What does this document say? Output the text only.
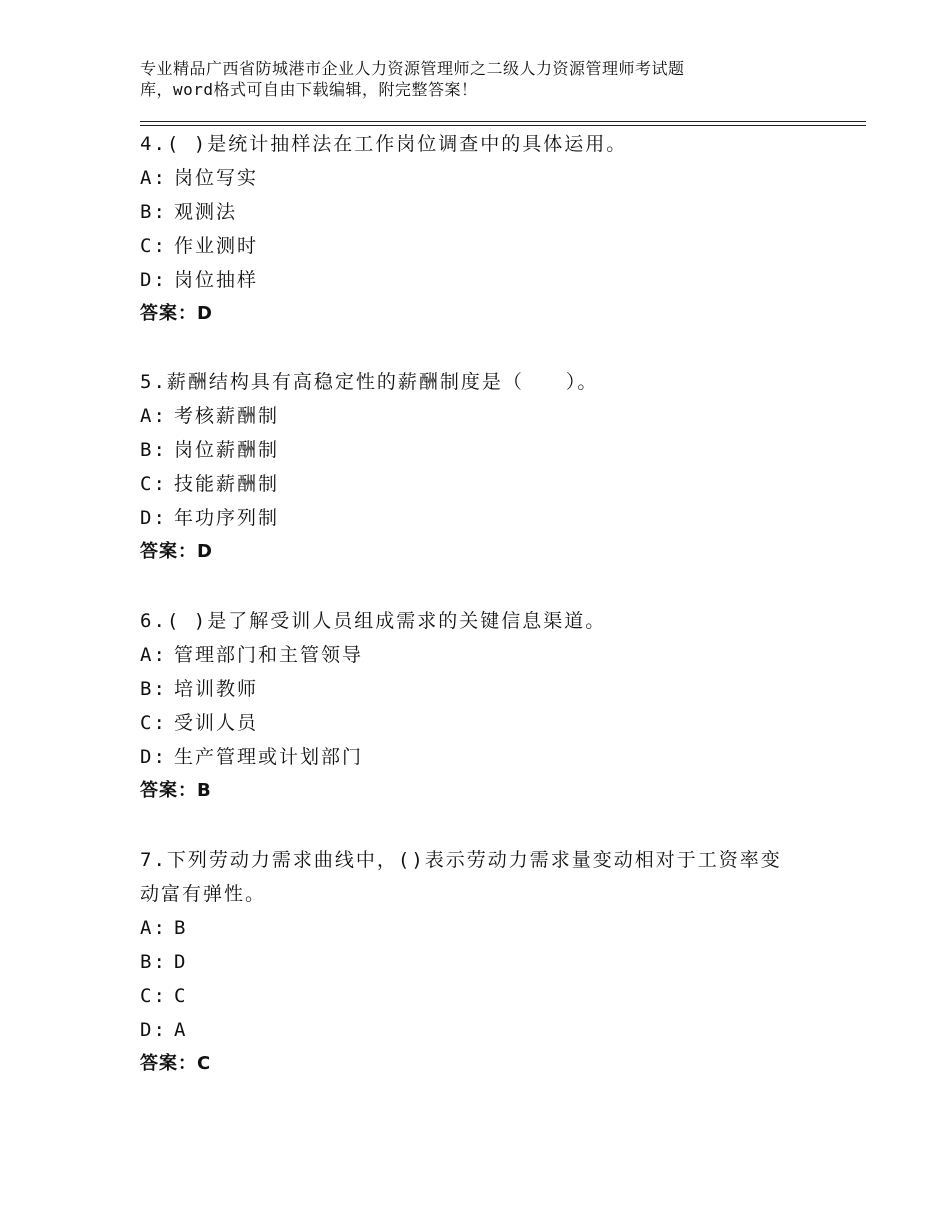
专业精品广西省防城港市企业人力资源管理师之二级人力资源管理师考试题
库，word格式可自由下载编辑，附完整答案！
4.( )是统计抽样法在工作岗位调查中的具体运用。
A: 岗位写实
B: 观测法
C: 作业测时
D: 岗位抽样
答案：D
5.薪酬结构具有高稳定性的薪酬制度是（　　）。
A: 考核薪酬制
B: 岗位薪酬制
C: 技能薪酬制
D: 年功序列制
答案：D
6.( )是了解受训人员组成需求的关键信息渠道。
A: 管理部门和主管领导
B: 培训教师
C: 受训人员
D: 生产管理或计划部门
答案：B
7.下列劳动力需求曲线中，()表示劳动力需求量变动相对于工资率变
动富有弹性。
A: B
B: D
C: C
D: A
答案：C
